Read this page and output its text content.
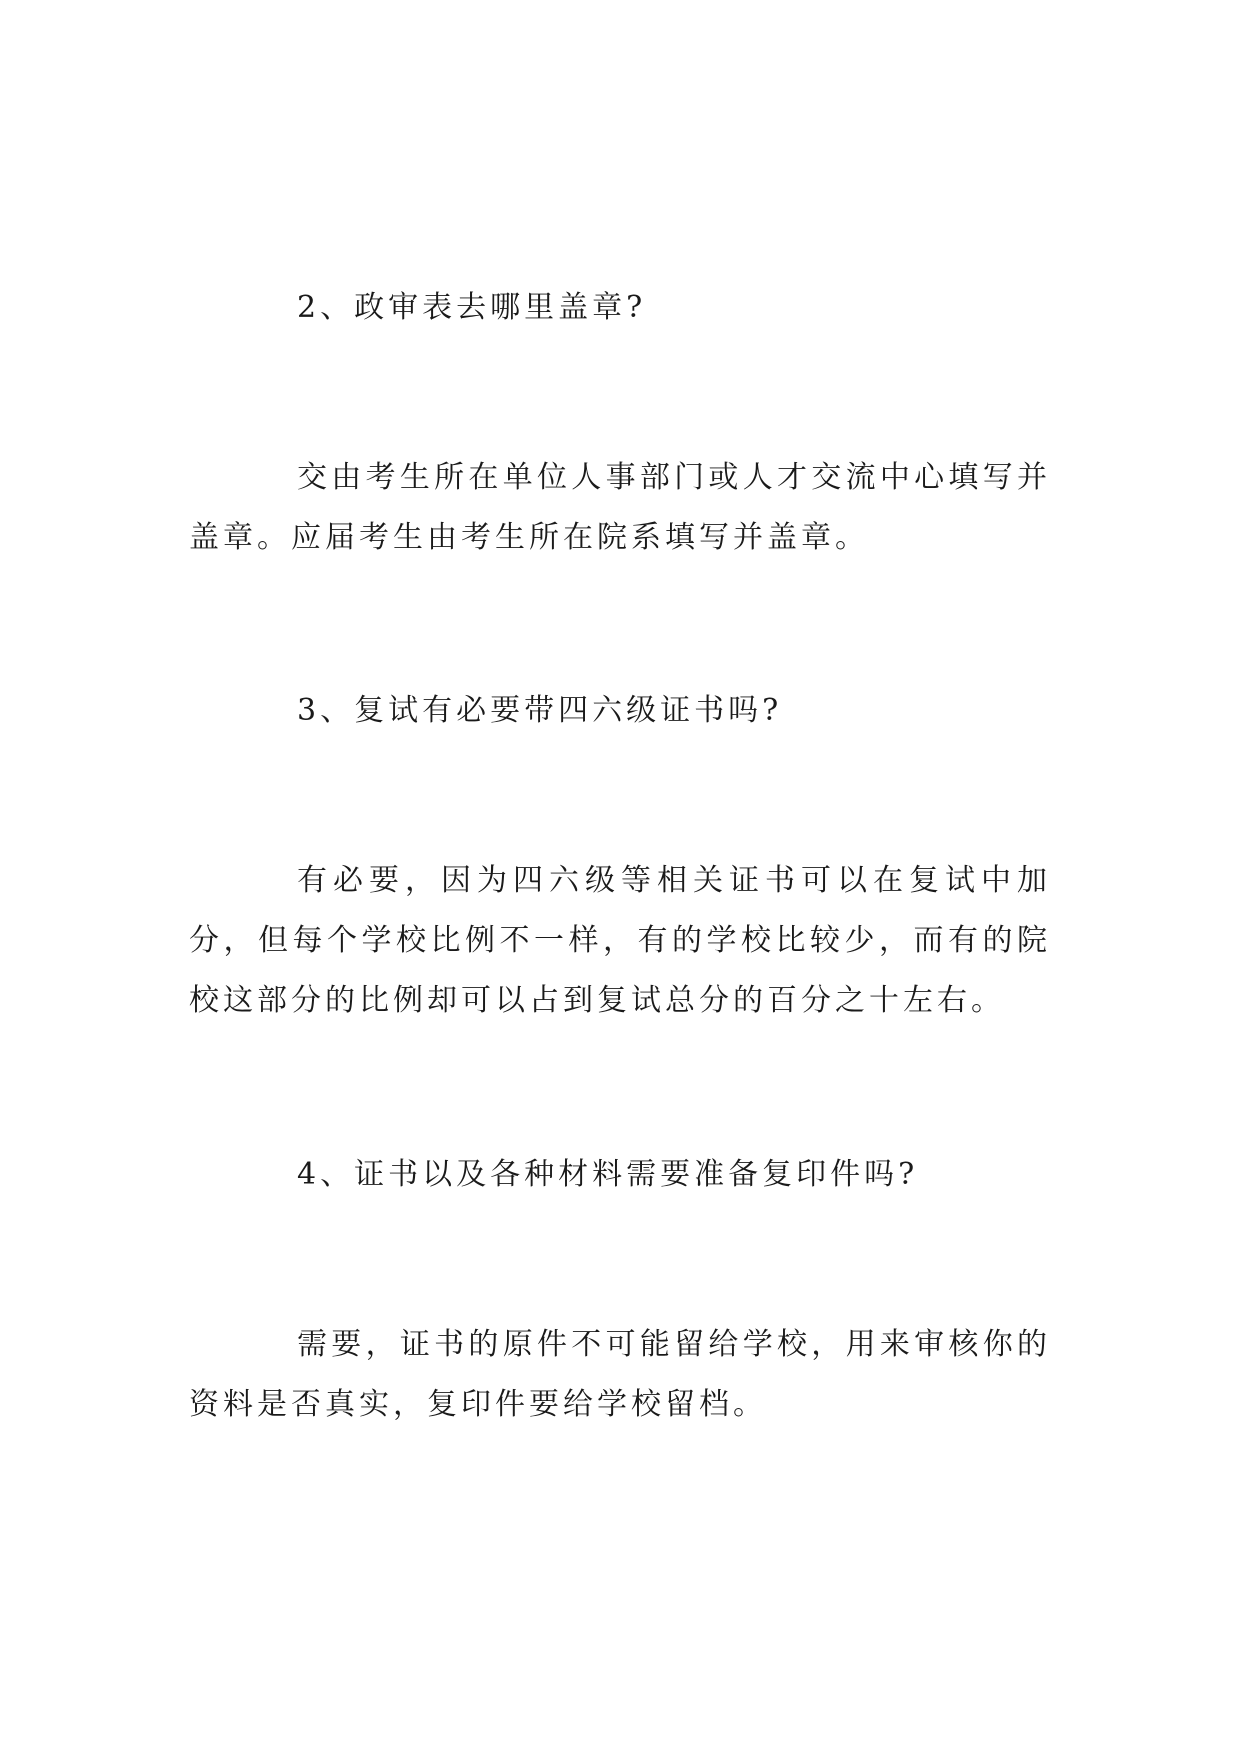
2、政审表去哪里盖章?

交由考生所在单位人事部门或人才交流中心填写并盖章。应届考生由考生所在院系填写并盖章。

3、复试有必要带四六级证书吗?

有必要，因为四六级等相关证书可以在复试中加分，但每个学校比例不一样，有的学校比较少，而有的院校这部分的比例却可以占到复试总分的百分之十左右。

4、证书以及各种材料需要准备复印件吗?

需要，证书的原件不可能留给学校，用来审核你的资料是否真实，复印件要给学校留档。
